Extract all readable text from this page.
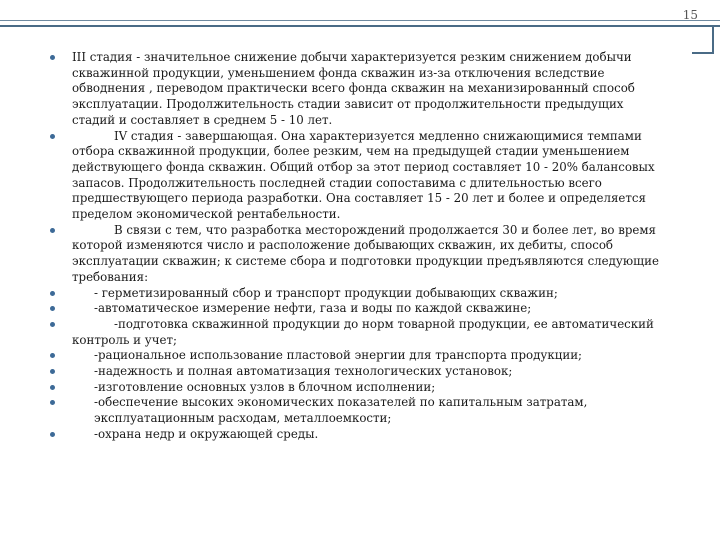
15
III стадия - значительное снижение добычи характеризуется резким снижением добычи скважинной продукции, уменьшением фонда скважин из-за отключения вследствие обводнения , переводом практически всего фонда скважин на механизированный способ эксплуатации. Продолжительность стадии зависит от продолжительности предыдущих стадий и составляет в среднем 5 - 10 лет.
IV стадия - завершающая. Она характеризуется медленно снижающимися темпами отбора скважинной продукции, более резким, чем на предыдущей стадии уменьшением действующего фонда скважин. Общий отбор за этот период составляет 10 - 20% балансовых запасов. Продолжительность последней стадии сопоставима с длительностью всего предшествующего периода разработки. Она составляет 15 - 20 лет и более и определяется пределом экономической рентабельности.
В связи с тем, что разработка месторождений продолжается 30 и более лет, во время которой изменяются число и расположение добывающих скважин, их дебиты, способ эксплуатации скважин; к системе сбора и подготовки продукции предъявляются следующие требования:
- герметизированный сбор и транспорт продукции добывающих скважин;
-автоматическое измерение нефти, газа и воды по каждой скважине;
-подготовка скважинной продукции до норм товарной продукции, ее автоматический контроль и учет;
-рациональное использование пластовой энергии для транспорта продукции;
-надежность и полная автоматизация технологических установок;
-изготовление основных узлов в блочном исполнении;
-обеспечение высоких экономических показателей по капитальным затратам, эксплуатационным расходам, металлоемкости;
-охрана недр и окружающей среды.
